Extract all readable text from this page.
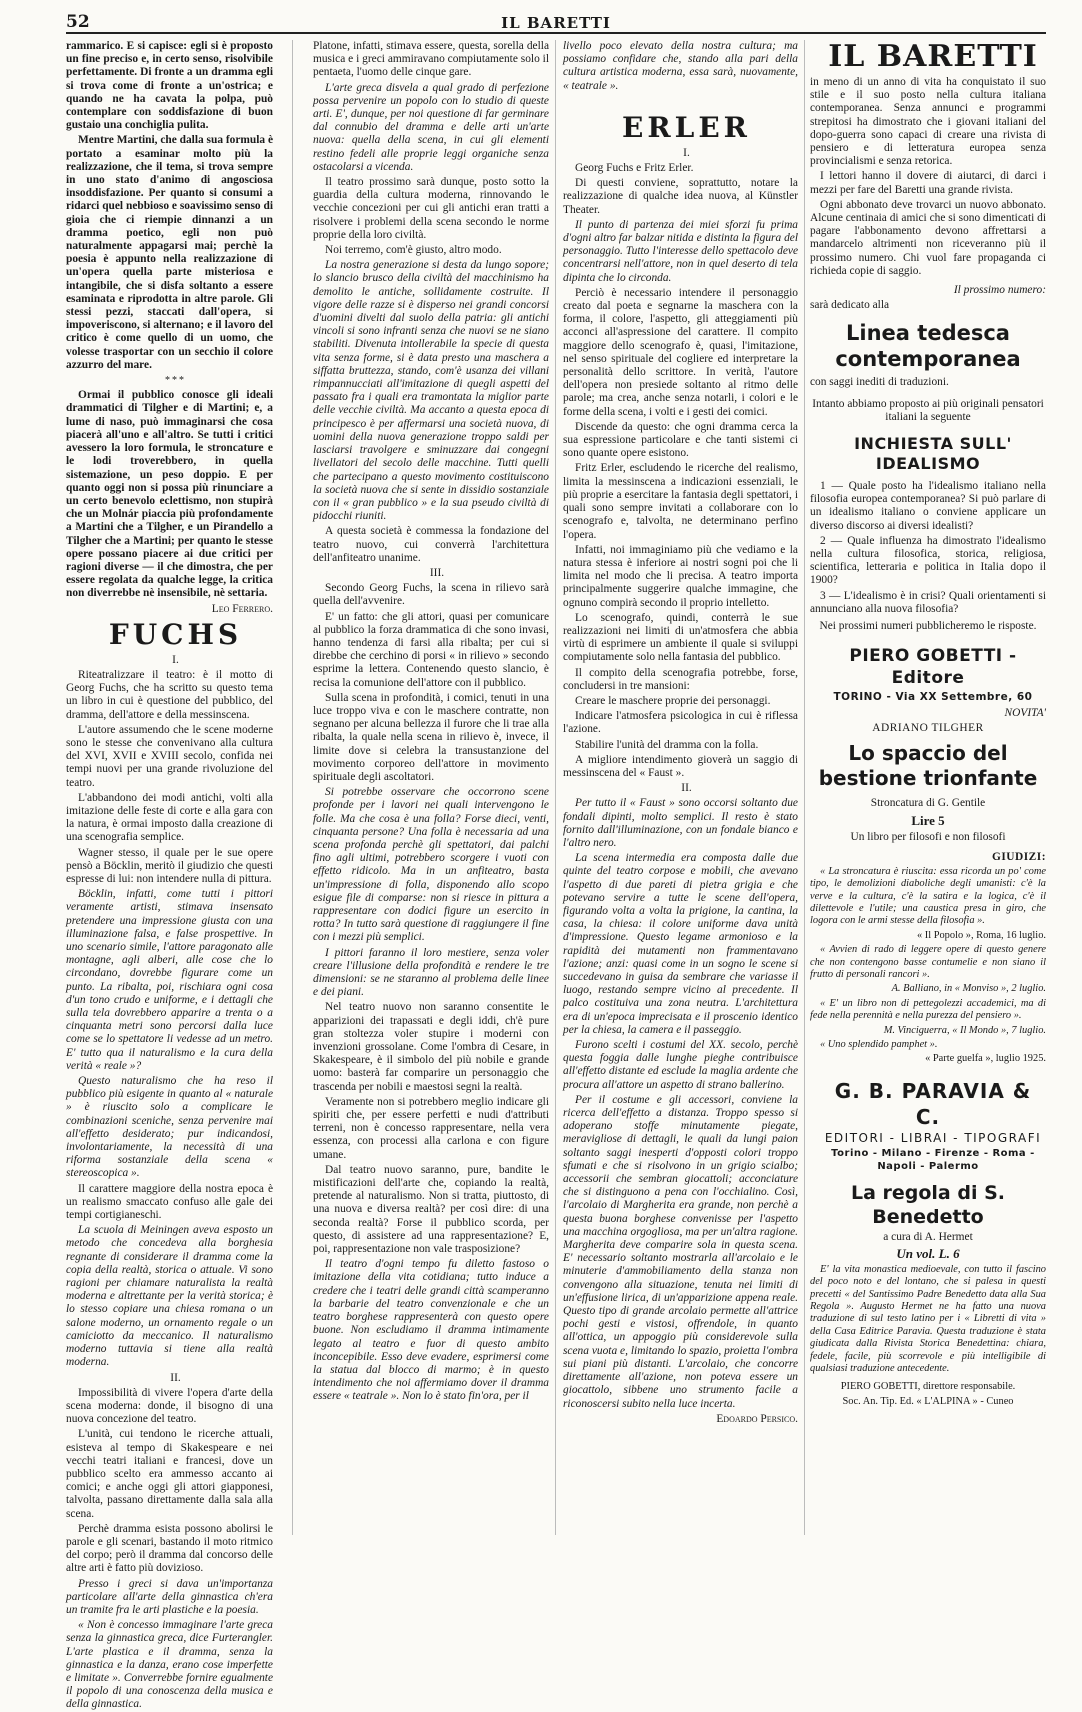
52	IL BARETTI

rammarico. E si capisce: egli si è proposto un fine preciso e, in certo senso, risolvibile perfettamente. Di fronte a un dramma egli si trova come di fronte a un'ostrica; e quando ne ha cavata la polpa, può contemplare con soddisfazione di buon gustaio una conchiglia pulita.

Mentre Martini, che dalla sua formula è portato a esaminar molto più la realizzazione, che il tema, si trova sempre in uno stato d'animo di angosciosa insoddisfazione. Per quanto si consumi a ridarci quel nebbioso e soavissimo senso di gioia che ci riempie dinnanzi a un dramma poetico, egli non può naturalmente appagarsi mai; perchè la poesia è appunto nella realizzazione di un'opera quella parte misteriosa e intangibile, che si disfa soltanto a essere esaminata e riprodotta in altre parole. Gli stessi pezzi, staccati dall'opera, si impoveriscono, si alternano; e il lavoro del critico è come quello di un uomo, che volesse trasportar con un secchio il colore azzurro del mare.

***

Ormai il pubblico conosce gli ideali drammatici di Tilgher e di Martini; e, a lume di naso, può immaginarsi che cosa piacerà all'uno e all'altro. Se tutti i critici avessero la loro formula, le stroncature e le lodi troverebbero, in quella sistemazione, un peso doppio. E per quanto oggi non si possa più rinunciare a un certo benevolo eclettismo, non stupirà che un Molnár piaccia più profondamente a Martini che a Tilgher, e un Pirandello a Tilgher che a Martini; per quanto le stesse opere possano piacere ai due critici per ragioni diverse — il che dimostra, che per essere regolata da qualche legge, la critica non diverrebbe nè insensibile, nè settaria.

Leo Ferrero.

FUCHS

I.

Riteatralizzare il teatro: è il motto di Georg Fuchs, che ha scritto su questo tema un libro in cui è questione del pubblico, del dramma, dell'attore e della messinscena.

L'autore assumendo che le scene moderne sono le stesse che convenivano alla cultura del XVI, XVII e XVIII secolo, confida nei tempi nuovi per una grande rivoluzione del teatro.

L'abbandono dei modi antichi, volti alla imitazione delle feste di corte e alla gara con la natura, è ormai imposto dalla creazione di una scenografia semplice.

Wagner stesso, il quale per le sue opere pensò a Böcklin, meritò il giudizio che questi espresse di lui: non intendere nulla di pittura.

Böcklin, infatti, come tutti i pittori veramente artisti, stimava insensato pretendere una impressione giusta con una illuminazione falsa, e false prospettive. In uno scenario simile, l'attore paragonato alle montagne, agli alberi, alle cose che lo circondano, dovrebbe figurare come un punto. La ribalta, poi, rischiara ogni cosa d'un tono crudo e uniforme, e i dettagli che sulla tela dovrebbero apparire a trenta o a cinquanta metri sono percorsi dalla luce come se lo spettatore li vedesse ad un metro. E' tutto qua il naturalismo e la cura della verità « reale »?

Questo naturalismo che ha reso il pubblico più esigente in quanto al « naturale » è riuscito solo a complicare le combinazioni sceniche, senza pervenire mai all'effetto desiderato; pur indicandosi, involontariamente, la necessità di una riforma sostanziale della scena « stereoscopica ».

Il carattere maggiore della nostra epoca è un realismo smaccato confuso alle gale dei tempi cortigianeschi.

La scuola di Meiningen aveva esposto un metodo che concedeva alla borghesia regnante di considerare il dramma come la copia della realtà, storica o attuale. Vi sono ragioni per chiamare naturalista la realtà moderna e altrettante per la verità storica; è lo stesso copiare una chiesa romana o un salone moderno, un ornamento regale o un camiciotto da meccanico. Il naturalismo moderno tuttavia si tiene alla realtà moderna.

II.

Impossibilità di vivere l'opera d'arte della scena moderna: donde, il bisogno di una nuova concezione del teatro.

L'unità, cui tendono le ricerche attuali, esisteva al tempo di Skakespeare e nei vecchi teatri italiani e francesi, dove un pubblico scelto era ammesso accanto ai comici; e anche oggi gli attori giapponesi, talvolta, passano direttamente dalla sala alla scena.

Perchè dramma esista possono abolirsi le parole e gli scenari, bastando il moto ritmico del corpo; però il dramma dal concorso delle altre arti è fatto più dovizioso.

Presso i greci si dava un'importanza particolare all'arte della ginnastica ch'era un tramite fra le arti plastiche e la poesia.

« Non è concesso immaginare l'arte greca senza la ginnastica greca, dice Furterangler. L'arte plastica e il dramma, senza la ginnastica e la danza, erano cose imperfette e limitate ». Converrebbe fornire egualmente il popolo di una conoscenza della musica e della ginnastica.

Platone, infatti, stimava essere, questa, sorella della musica e i greci ammiravano compiutamente solo il pentaeta, l'uomo delle cinque gare.

L'arte greca disvela a qual grado di perfezione possa pervenire un popolo con lo studio di queste arti. E', dunque, per noi questione di far germinare dal connubio del dramma e delle arti un'arte nuova: quella della scena, in cui gli elementi restino fedeli alle proprie leggi organiche senza ostacolarsi a vicenda.

Il teatro prossimo sarà dunque, posto sotto la guardia della cultura moderna, rinnovando le vecchie concezioni per cui gli antichi eran tratti a risolvere i problemi della scena secondo le norme proprie della loro civiltà.

Noi terremo, com'è giusto, altro modo.

La nostra generazione si desta da lungo sopore; lo slancio brusco della civiltà del macchinismo ha demolito le antiche, sollidamente costruite. Il vigore delle razze si è disperso nei grandi concorsi d'uomini divelti dal suolo della patria: gli antichi vincoli si sono infranti senza che nuovi se ne siano stabiliti. Divenuta intollerabile la specie di questa vita senza forme, si è data presto una maschera a siffatta bruttezza, stando, com'è usanza dei villani rimpannucciati all'imitazione di quegli aspetti del passato fra i quali era tramontata la miglior parte delle vecchie civiltà. Ma accanto a questa epoca di principesco è per affermarsi una società nuova, di uomini della nuova generazione troppo saldi per lasciarsi travolgere e sminuzzare dai congegni livellatori del secolo delle macchine. Tutti quelli che partecipano a questo movimento costituiscono la società nuova che si sente in dissidio sostanziale con il « gran pubblico » e la sua pseudo civiltà di pidocchi riuniti.

A questa società è commessa la fondazione del teatro nuovo, cui converrà l'architettura dell'anfiteatro unanime.

III.

Secondo Georg Fuchs, la scena in rilievo sarà quella dell'avvenire.

E' un fatto: che gli attori, quasi per comunicare al pubblico la forza drammatica di che sono invasi, hanno tendenza di farsi alla ribalta; per cui si direbbe che cerchino di porsi « in rilievo » secondo esprime la lettera. Contenendo questo slancio, è recisa la comunione dell'attore con il pubblico.

Sulla scena in profondità, i comici, tenuti in una luce troppo viva e con le maschere contratte, non segnano per alcuna bellezza il furore che li trae alla ribalta, la quale nella scena in rilievo è, invece, il limite dove si celebra la transustanzione del movimento corporeo dell'attore in movimento spirituale degli ascoltatori.

Si potrebbe osservare che occorrono scene profonde per i lavori nei quali intervengono le folle. Ma che cosa è una folla? Forse dieci, venti, cinquanta persone? Una folla è necessaria ad una scena profonda perchè gli spettatori, dai palchi fino agli ultimi, potrebbero scorgere i vuoti con effetto ridicolo. Ma in un anfiteatro, basta un'impressione di folla, disponendo allo scopo esigue file di comparse: non si riesce in pittura a rappresentare con dodici figure un esercito in rotta? In tutto sarà questione di raggiungere il fine con i mezzi più semplici.

I pittori faranno il loro mestiere, senza voler creare l'illusione della profondità e rendere le tre dimensioni: se ne staranno al problema delle linee e dei piani.

Nel teatro nuovo non saranno consentite le apparizioni dei trapassati e degli iddi, ch'è pure gran stoltezza voler stupire i moderni con invenzioni grossolane. Come l'ombra di Cesare, in Skakespeare, è il simbolo del più nobile e grande uomo: basterà far comparire un personaggio che trascenda per nobili e maestosi segni la realtà.

Veramente non si potrebbero meglio indicare gli spiriti che, per essere perfetti e nudi d'attributi terreni, non è concesso rappresentare, nella vera essenza, con processi alla carlona e con figure umane.

Dal teatro nuovo saranno, pure, bandite le mistificazioni dell'arte che, copiando la realtà, pretende al naturalismo. Non si tratta, piuttosto, di una nuova e diversa realtà? per così dire: di una seconda realtà? Forse il pubblico scorda, per questo, di assistere ad una rappresentazione? E, poi, rappresentazione non vale trasposizione?

Il teatro d'ogni tempo fu diletto fastoso o imitazione della vita cotidiana; tutto induce a credere che i teatri delle grandi città scamperanno la barbarie del teatro convenzionale e che un teatro borghese rappresenterà con questo opere buone. Non escludiamo il dramma intimamente legato al teatro e fuor di questo ambito inconcepibile. Esso deve evadere, esprimersi come la statua dal blocco di marmo; è in questo intendimento che noi affermiamo dover il dramma essere « teatrale ». Non lo è stato fin'ora, per il

livello poco elevato della nostra cultura; ma possiamo confidare che, stando alla pari della cultura artistica moderna, essa sarà, nuovamente, « teatrale ».

ERLER

I.

Georg Fuchs e Fritz Erler.

Di questi conviene, soprattutto, notare la realizzazione di qualche idea nuova, al Künstler Theater.

Il punto di partenza dei miei sforzi fu prima d'ogni altro far balzar nitida e distinta la figura del personaggio. Tutto l'interesse dello spettacolo deve concentrarsi nell'attore, non in quel deserto di tela dipinta che lo circonda.

Perciò è necessario intendere il personaggio creato dal poeta e segnarne la maschera con la forma, il colore, l'aspetto, gli atteggiamenti più acconci all'aspressione del carattere. Il compito maggiore dello scenografo è, quasi, l'imitazione, nel senso spirituale del cogliere ed interpretare la personalità dello scrittore. In verità, l'autore dell'opera non presiede soltanto al ritmo delle parole; ma crea, anche senza notarli, i colori e le forme della scena, i volti e i gesti dei comici.

Discende da questo: che ogni dramma cerca la sua espressione particolare e che tanti sistemi ci sono quante opere esistono.

Fritz Erler, escludendo le ricerche del realismo, limita la messinscena a indicazioni essenziali, le più proprie a esercitare la fantasia degli spettatori, i quali sono sempre invitati a collaborare con lo scenografo e, talvolta, ne determinano perfino l'opera.

Infatti, noi immaginiamo più che vediamo e la natura stessa è inferiore ai nostri sogni poi che li limita nel modo che li precisa. A teatro importa principalmente suggerire qualche immagine, che ognuno compirà secondo il proprio intelletto.

Lo scenografo, quindi, conterrà le sue realizzazioni nei limiti di un'atmosfera che abbia virtù di esprimere un ambiente il quale si sviluppi compiutamente solo nella fantasia del pubblico.

Il compito della scenografia potrebbe, forse, concludersi in tre mansioni:

Creare le maschere proprie dei personaggi.

Indicare l'atmosfera psicologica in cui è riflessa l'azione.

Stabilire l'unità del dramma con la folla.

A migliore intendimento gioverà un saggio di messinscena del « Faust ».

II.

Per tutto il « Faust » sono occorsi soltanto due fondali dipinti, molto semplici. Il resto è stato fornito dall'illuminazione, con un fondale bianco e l'altro nero.

La scena intermedia era composta dalle due quinte del teatro corpose e mobili, che avevano l'aspetto di due pareti di pietra grigia e che potevano servire a tutte le scene dell'opera, figurando volta a volta la prigione, la cantina, la casa, la chiesa: il colore uniforme dava unità d'impressione. Questo legame armonioso e la rapidità dei mutamenti non frammentavano l'azione; anzi: quasi come in un sogno le scene si succedevano in guisa da sembrare che variasse il luogo, restando sempre vicino al precedente. Il palco costituiva una zona neutra. L'architettura era di un'epoca imprecisata e il proscenio identico per la chiesa, la camera e il passeggio.

Furono scelti i costumi del XX. secolo, perchè questa foggia dalle lunghe pieghe contribuisce all'effetto distante ed esclude la maglia ardente che procura all'attore un aspetto di strano ballerino.

Per il costume e gli accessori, conviene la ricerca dell'effetto a distanza. Troppo spesso si adoperano stoffe minutamente piegate, meravigliose di dettagli, le quali da lungi paion soltanto saggi inesperti d'opposti colori troppo sfumati e che si risolvono in un grigio scialbo; accessorii che sembran giocattoli; acconciature che si distinguono a pena con l'occhialino. Così, l'arcolaio di Margherita era grande, non perchè a questa buona borghese convenisse per l'aspetto una macchina orgogliosa, ma per un'altra ragione. Margherita deve comparire sola in questa scena. E' necessario soltanto mostrarla all'arcolaio e le minuterie d'ammobiliamento della stanza non convengono alla situazione, tenuta nei limiti di un'effusione lirica, di un'apparizione appena reale. Questo tipo di grande arcolaio permette all'attrice pochi gesti e vistosi, offrendole, in quanto all'ottica, un appoggio più considerevole sulla scena vuota e, limitando lo spazio, proietta l'ombra sui piani più distanti. L'arcolaio, che concorre direttamente all'azione, non poteva essere un giocattolo, sibbene uno strumento facile a riconoscersi subito nella luce incerta.

Edoardo Persico.

IL BARETTI

in meno di un anno di vita ha conquistato il suo stile e il suo posto nella cultura italiana contemporanea. Senza annunci e programmi strepitosi ha dimostrato che i giovani italiani del dopo-guerra sono capaci di creare una rivista di pensiero e di letteratura europea senza provincialismi e senza retorica.

I lettori hanno il dovere di aiutarci, di darci i mezzi per fare del Baretti una grande rivista.

Ogni abbonato deve trovarci un nuovo abbonato. Alcune centinaia di amici che si sono dimenticati di pagare l'abbonamento devono affrettarsi a mandarcelo altrimenti non riceveranno più il prossimo numero. Chi vuol fare propaganda ci richieda copie di saggio.

Il prossimo numero:

sarà dedicato alla

Linea tedesca contemporanea

con saggi inediti di traduzioni.

Intanto abbiamo proposto ai più originali pensatori italiani la seguente

INCHIESTA SULL' IDEALISMO

1 — Quale posto ha l'idealismo italiano nella filosofia europea contemporanea? Si può parlare di un idealismo italiano o conviene applicare un diverso discorso ai diversi idealisti?

2 — Quale influenza ha dimostrato l'idealismo nella cultura filosofica, storica, religiosa, scientifica, letteraria e politica in Italia dopo il 1900?

3 — L'idealismo è in crisi? Quali orientamenti si annunciano alla nuova filosofia?

Nei prossimi numeri pubblicheremo le risposte.

PIERO GOBETTI - Editore

TORINO - Via XX Settembre, 60

NOVITA'

ADRIANO TILGHER

Lo spaccio del bestione trionfante

Stroncatura di G. Gentile

Lire 5

Un libro per filosofi e non filosofi

GIUDIZI:

« La stroncatura è riuscita: essa ricorda un po' come tipo, le demolizioni diaboliche degli umanisti: c'è la verve e la cultura, c'è la satira e la logica, c'è il dilettevole e l'utile; una caustica presa in giro, che logora con le armi stesse della filosofia ».

« Il Popolo », Roma, 16 luglio.

« Avvien di rado di leggere opere di questo genere che non contengono basse contumelie e non siano il frutto di personali rancori ».

A. Balliano, in « Monviso », 2 luglio.

« E' un libro non di pettegolezzi accademici, ma di fede nella perennità e nella purezza del pensiero ».

M. Vinciguerra, « Il Mondo », 7 luglio.

« Uno splendido pamphet ».

« Parte guelfa », luglio 1925.

G. B. PARAVIA & C.

EDITORI - LIBRAI - TIPOGRAFI

Torino - Milano - Firenze - Roma - Napoli - Palermo

La regola di S. Benedetto

a cura di A. Hermet

Un vol. L. 6

E' la vita monastica medioevale, con tutto il fascino del poco noto e del lontano, che si palesa in questi precetti « del Santissimo Padre Benedetto data alla Sua Regola ». Augusto Hermet ne ha fatto una nuova traduzione di sul testo latino per i « Libretti di vita » della Casa Editrice Paravia. Questa traduzione è stata giudicata dalla Rivista Storica Benedettina: chiara, fedele, facile, più scorrevole e più intelligibile di qualsiasi traduzione antecedente.

PIERO GOBETTI, direttore responsabile.

Soc. An. Tip. Ed. « L'ALPINA » - Cuneo
